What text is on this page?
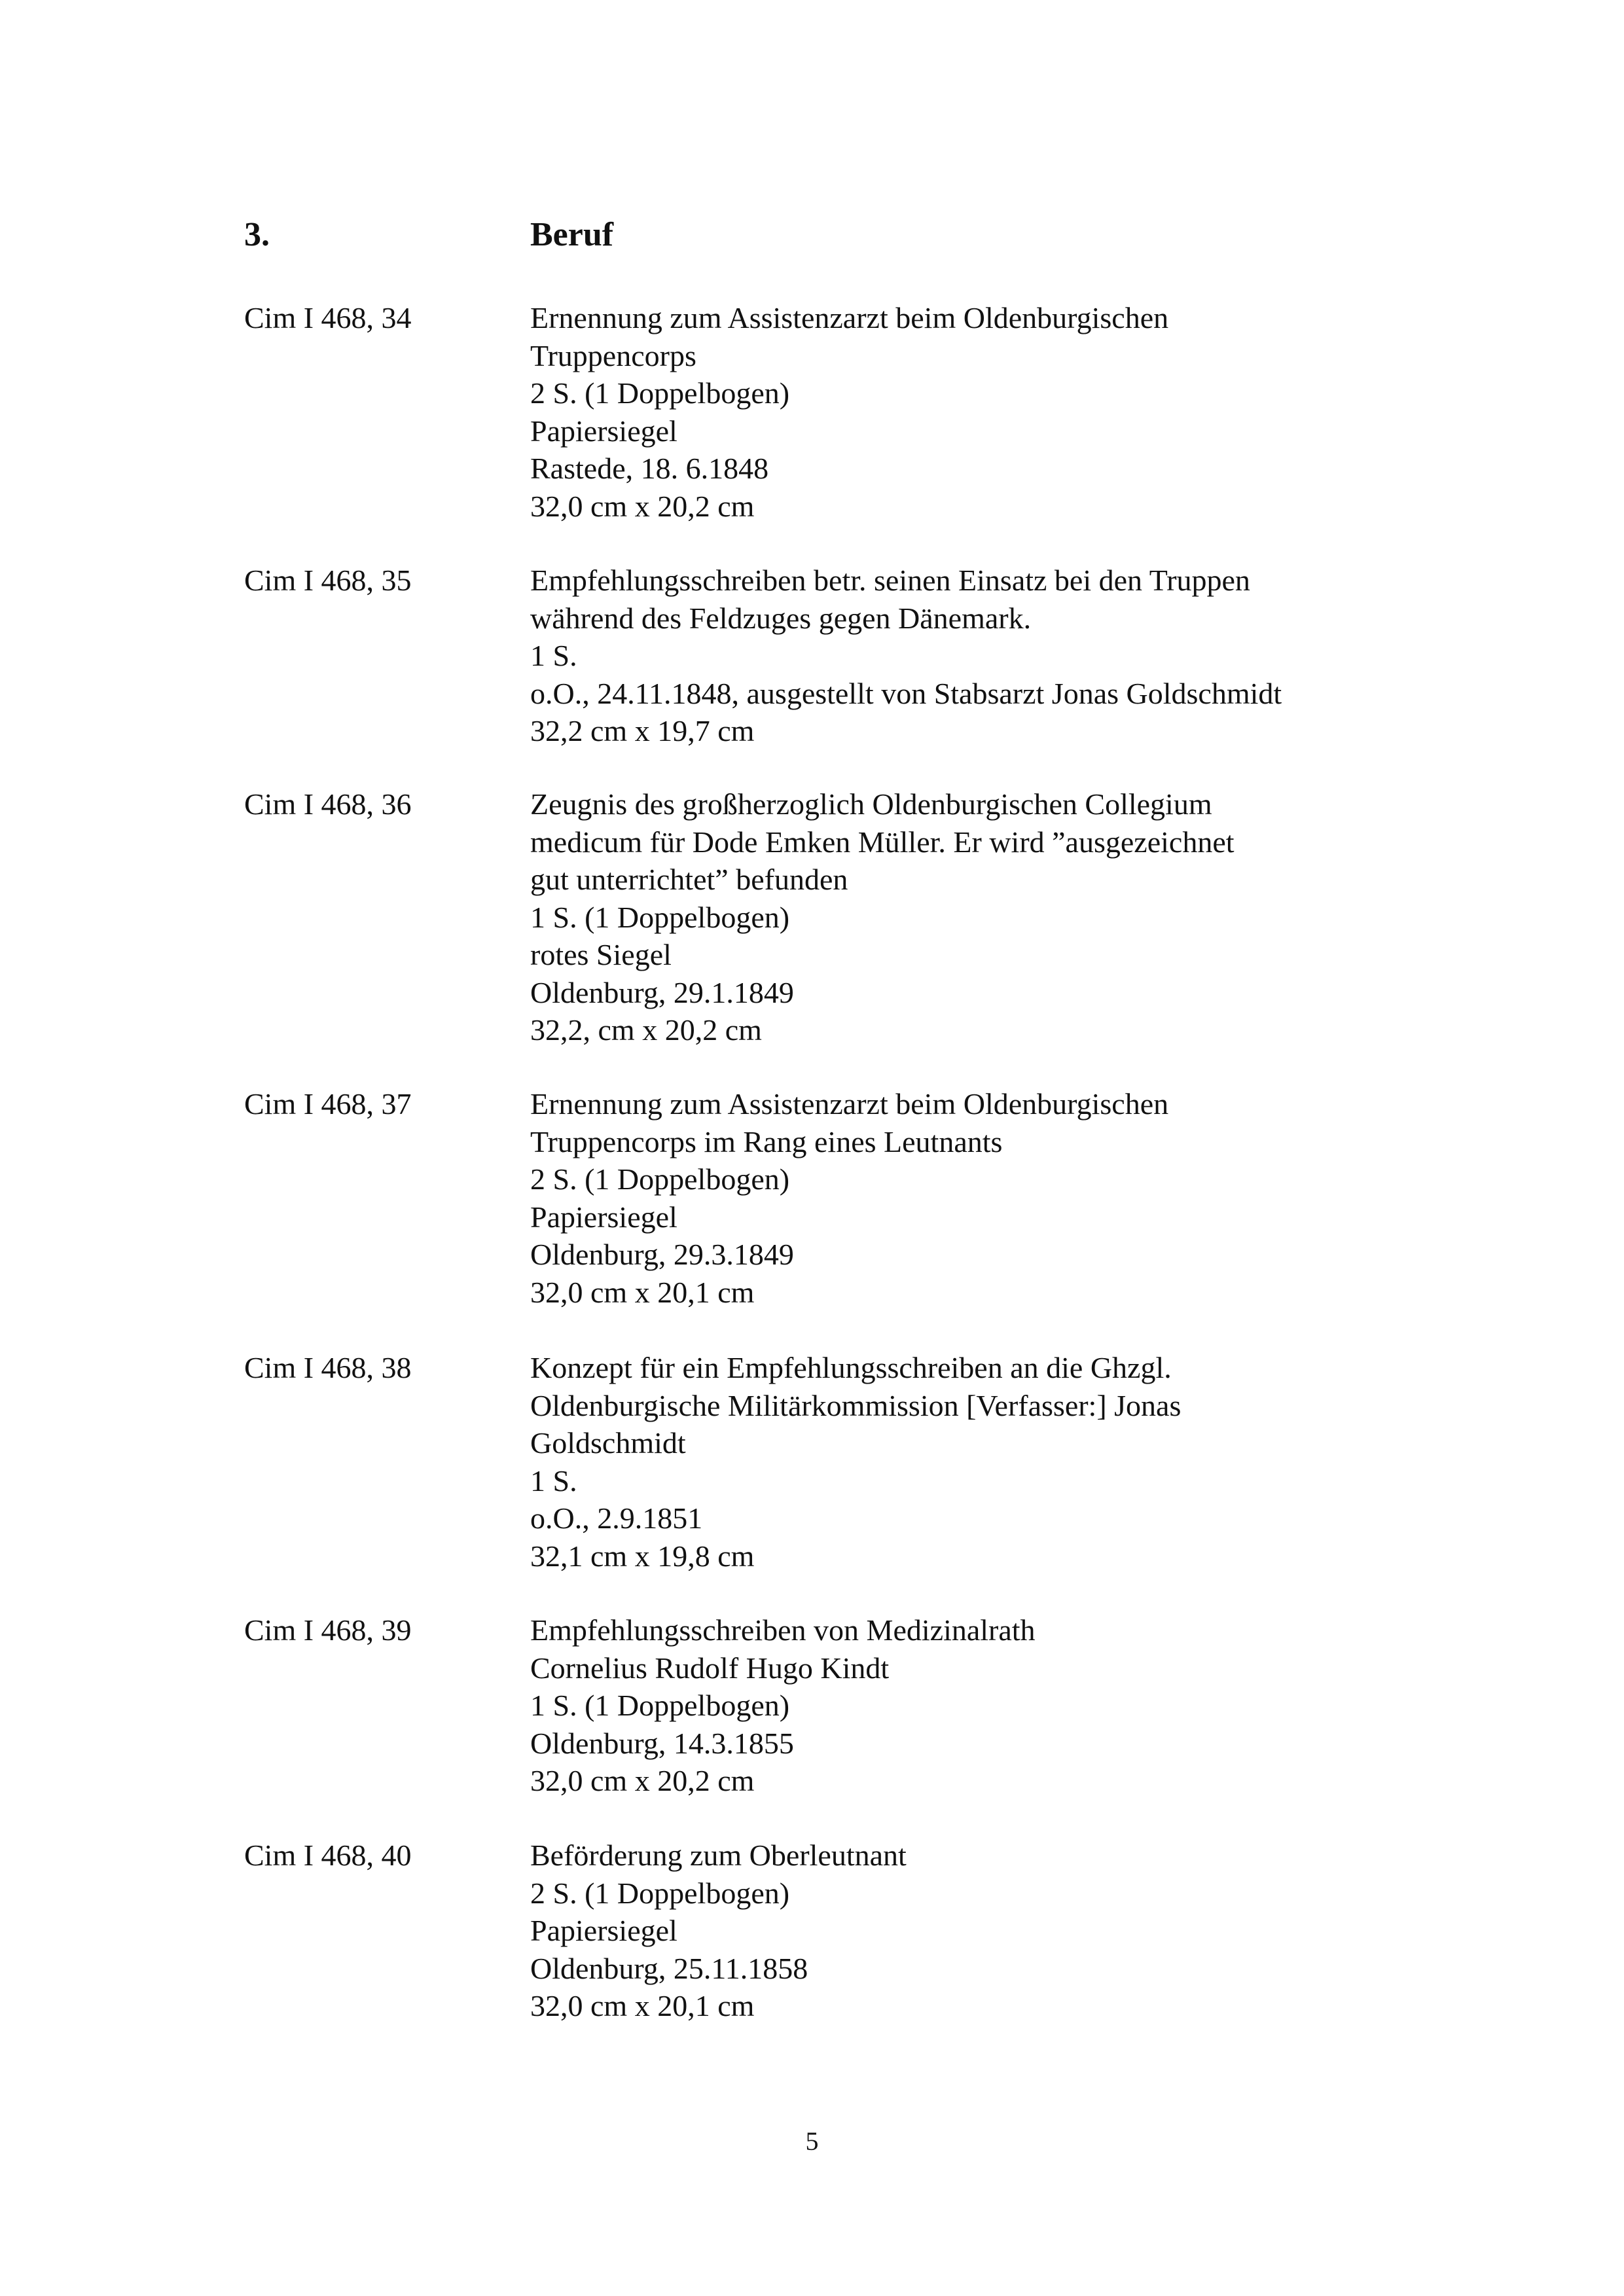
3.	Beruf
Cim I 468, 34	Ernennung zum Assistenzarzt beim Oldenburgischen
Truppencorps
2 S. (1 Doppelbogen)
Papiersiegel
Rastede, 18. 6.1848
32,0 cm x 20,2 cm
Cim I 468, 35	Empfehlungsschreiben betr. seinen Einsatz bei den Truppen
während des Feldzuges gegen Dänemark.
1 S.
o.O., 24.11.1848, ausgestellt von Stabsarzt Jonas Goldschmidt
32,2 cm x 19,7 cm
Cim I 468, 36	Zeugnis des großherzoglich Oldenburgischen Collegium
medicum für Dode Emken Müller. Er wird ”ausgezeichnet
gut unterrichtet” befunden
1 S. (1 Doppelbogen)
rotes Siegel
Oldenburg, 29.1.1849
32,2, cm x 20,2 cm
Cim I 468, 37	Ernennung zum Assistenzarzt beim Oldenburgischen
Truppencorps im Rang eines Leutnants
2 S. (1 Doppelbogen)
Papiersiegel
Oldenburg, 29.3.1849
32,0 cm x 20,1 cm
Cim I 468, 38	Konzept für ein Empfehlungsschreiben an die Ghzgl.
Oldenburgische Militärkommission [Verfasser:] Jonas
Goldschmidt
1 S.
o.O., 2.9.1851
32,1 cm x 19,8 cm
Cim I 468, 39	Empfehlungsschreiben von Medizinalrath
Cornelius Rudolf Hugo Kindt
1 S. (1 Doppelbogen)
Oldenburg, 14.3.1855
32,0 cm x 20,2 cm
Cim I 468, 40	Beförderung zum Oberleutnant
2 S. (1 Doppelbogen)
Papiersiegel
Oldenburg, 25.11.1858
32,0 cm x 20,1 cm
5
